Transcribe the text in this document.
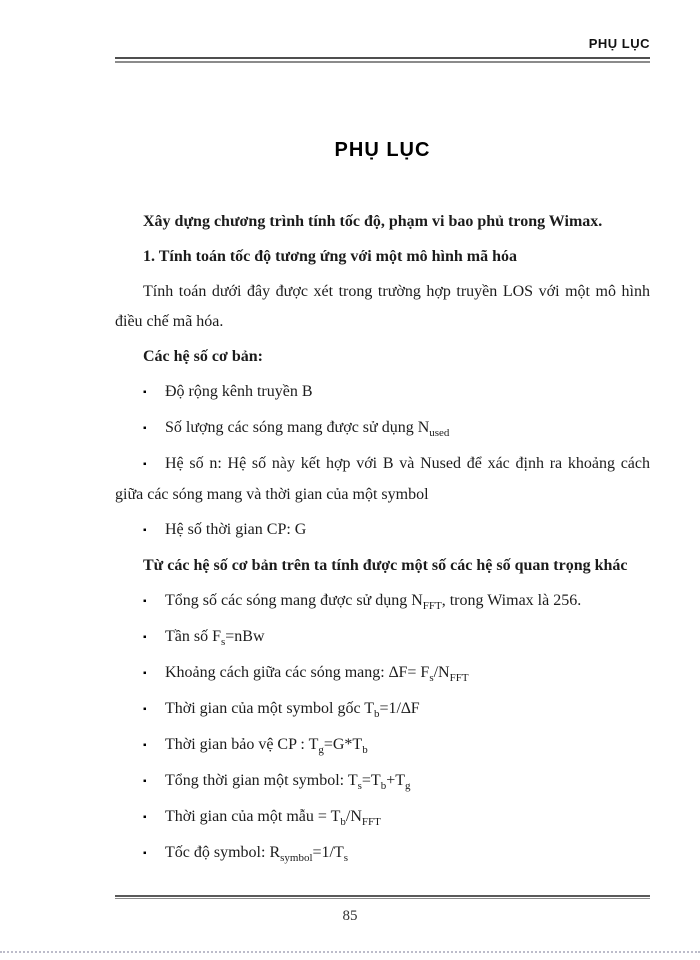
PHỤ LỤC
PHỤ LỤC

Xây dựng chương trình tính tốc độ, phạm vi bao phủ trong Wimax.

1. Tính toán tốc độ tương ứng với một mô hình mã hóa

Tính toán dưới đây được xét trong trường hợp truyền LOS với một mô hình điều chế mã hóa.

Các hệ số cơ bản:

▪ Độ rộng kênh truyền B

▪ Số lượng các sóng mang được sử dụng $N_{used}$

▪ Hệ số n: Hệ số này kết hợp với B và Nused để xác định ra khoảng cách giữa các sóng mang và thời gian của một symbol

▪ Hệ số thời gian CP: G

Từ các hệ số cơ bản trên ta tính được một số các hệ số quan trọng khác

▪ Tổng số các sóng mang được sử dụng $N_{FFT}$, trong Wimax là 256.

▪ Tần số $F_s=nBw$

▪ Khoảng cách giữa các sóng mang: $\Delta F= F_s/N_{FFT}$

▪ Thời gian của một symbol gốc $T_b=1/\Delta F$

▪ Thời gian bảo vệ CP : $T_g=G*T_b$

▪ Tổng thời gian một symbol: $T_s=T_b+T_g$

▪ Thời gian của một mẫu = $T_b/N_{FFT}$

▪ Tốc độ symbol: $R_{symbol}=1/T_s$

85
